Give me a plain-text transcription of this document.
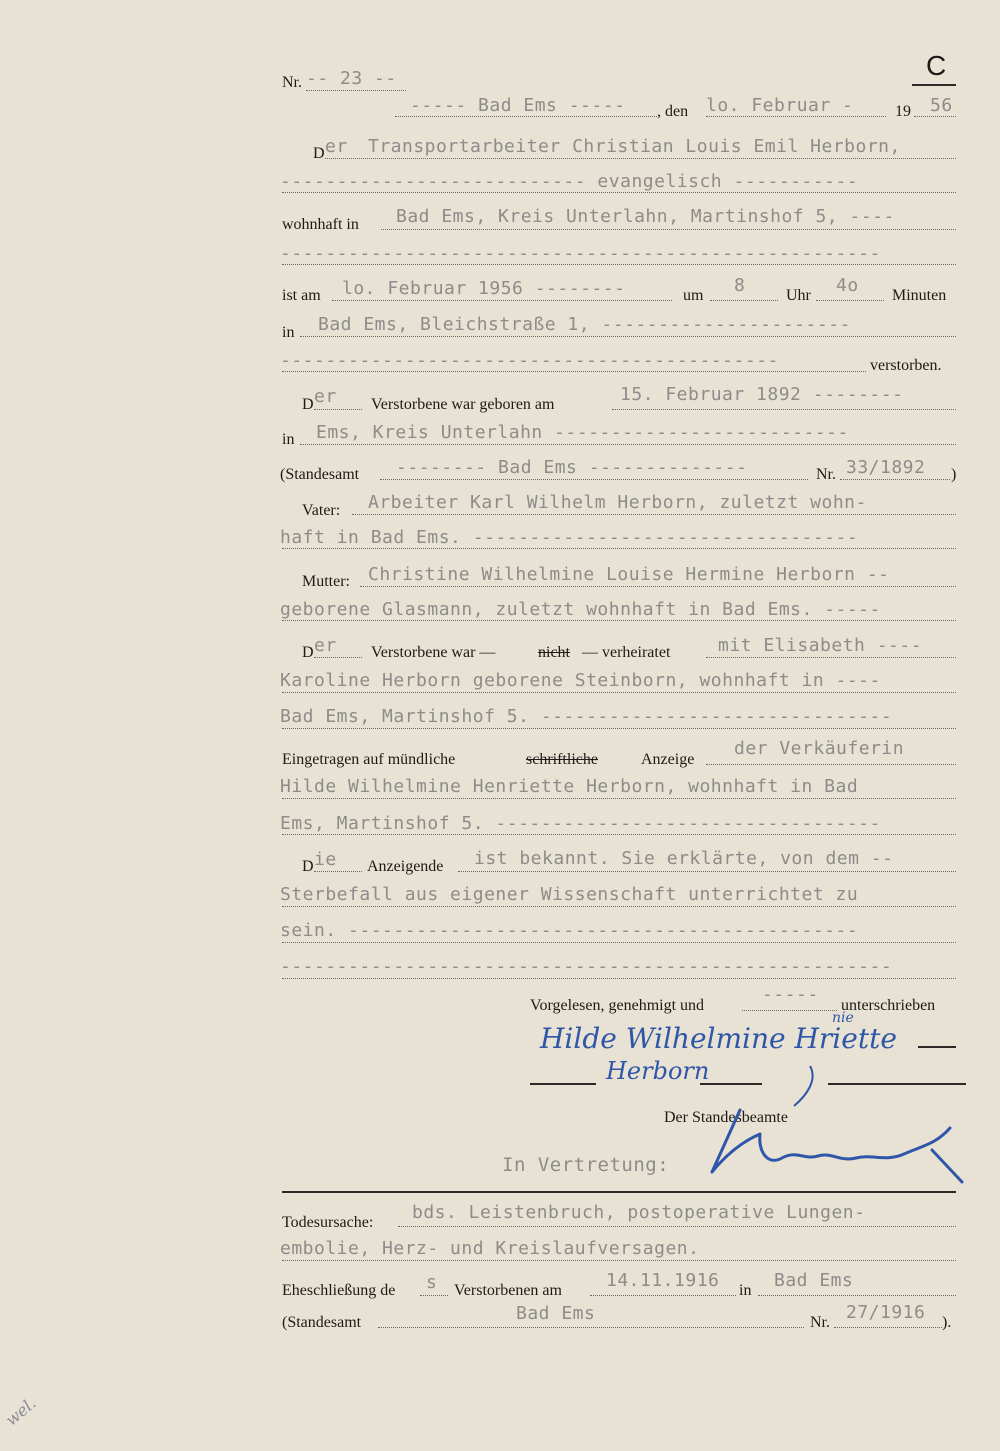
Nr. -- 23 --	C
----- Bad Ems ----- , den lo. Februar -	19 56
D er Transportarbeiter Christian Louis Emil Herborn,
--------------------------- evangelisch -----------
wohnhaft in Bad Ems, Kreis Unterlahn, Martinshof 5, ----
-----------------------------------------------------
ist am lo. Februar 1956 --------	um 8	Uhr 4o Minuten
in Bad Ems, Bleichstraße 1, ----------------------
--------------------------------------------	verstorben.
D er Verstorbene war geboren am	15. Februar 1892 --------
in Ems, Kreis Unterlahn --------------------------
(Standesamt -------- Bad Ems --------------	Nr. 33/1892 )
Vater: Arbeiter Karl Wilhelm Herborn, zuletzt wohn-
haft in Bad Ems. ----------------------------------
Mutter: Christine Wilhelmine Louise Hermine Herborn --
geborene Glasmann, zuletzt wohnhaft in Bad Ems. -----
D er Verstorbene war —	nicht — verheiratet	mit Elisabeth ----
Karoline Herborn geborene Steinborn, wohnhaft in ----
Bad Ems, Martinshof 5. -------------------------------
Eingetragen auf mündliche	schriftliche	Anzeige
der Verkäuferin
Hilde Wilhelmine Henriette Herborn, wohnhaft in Bad
Ems, Martinshof 5. ----------------------------------
D ie Anzeigende ist bekannt. Sie erklärte, von dem --
Sterbefall aus eigener Wissenschaft unterrichtet zu
sein. ---------------------------------------------
------------------------------------------------------
Vorgelesen, genehmigt und
-----
unterschrieben
Hilde Wilhelmine Hriette
nie
Herborn
Der Standesbeamte
In Vertretung:
Todesursache: bds. Leistenbruch, postoperative Lungen-
embolie, Herz- und Kreislaufversagen.
Eheschließung de s Verstorbenen am 14.11.1916 in Bad Ems
(Standesamt	Bad Ems	Nr. 27/1916 ).
wel.
